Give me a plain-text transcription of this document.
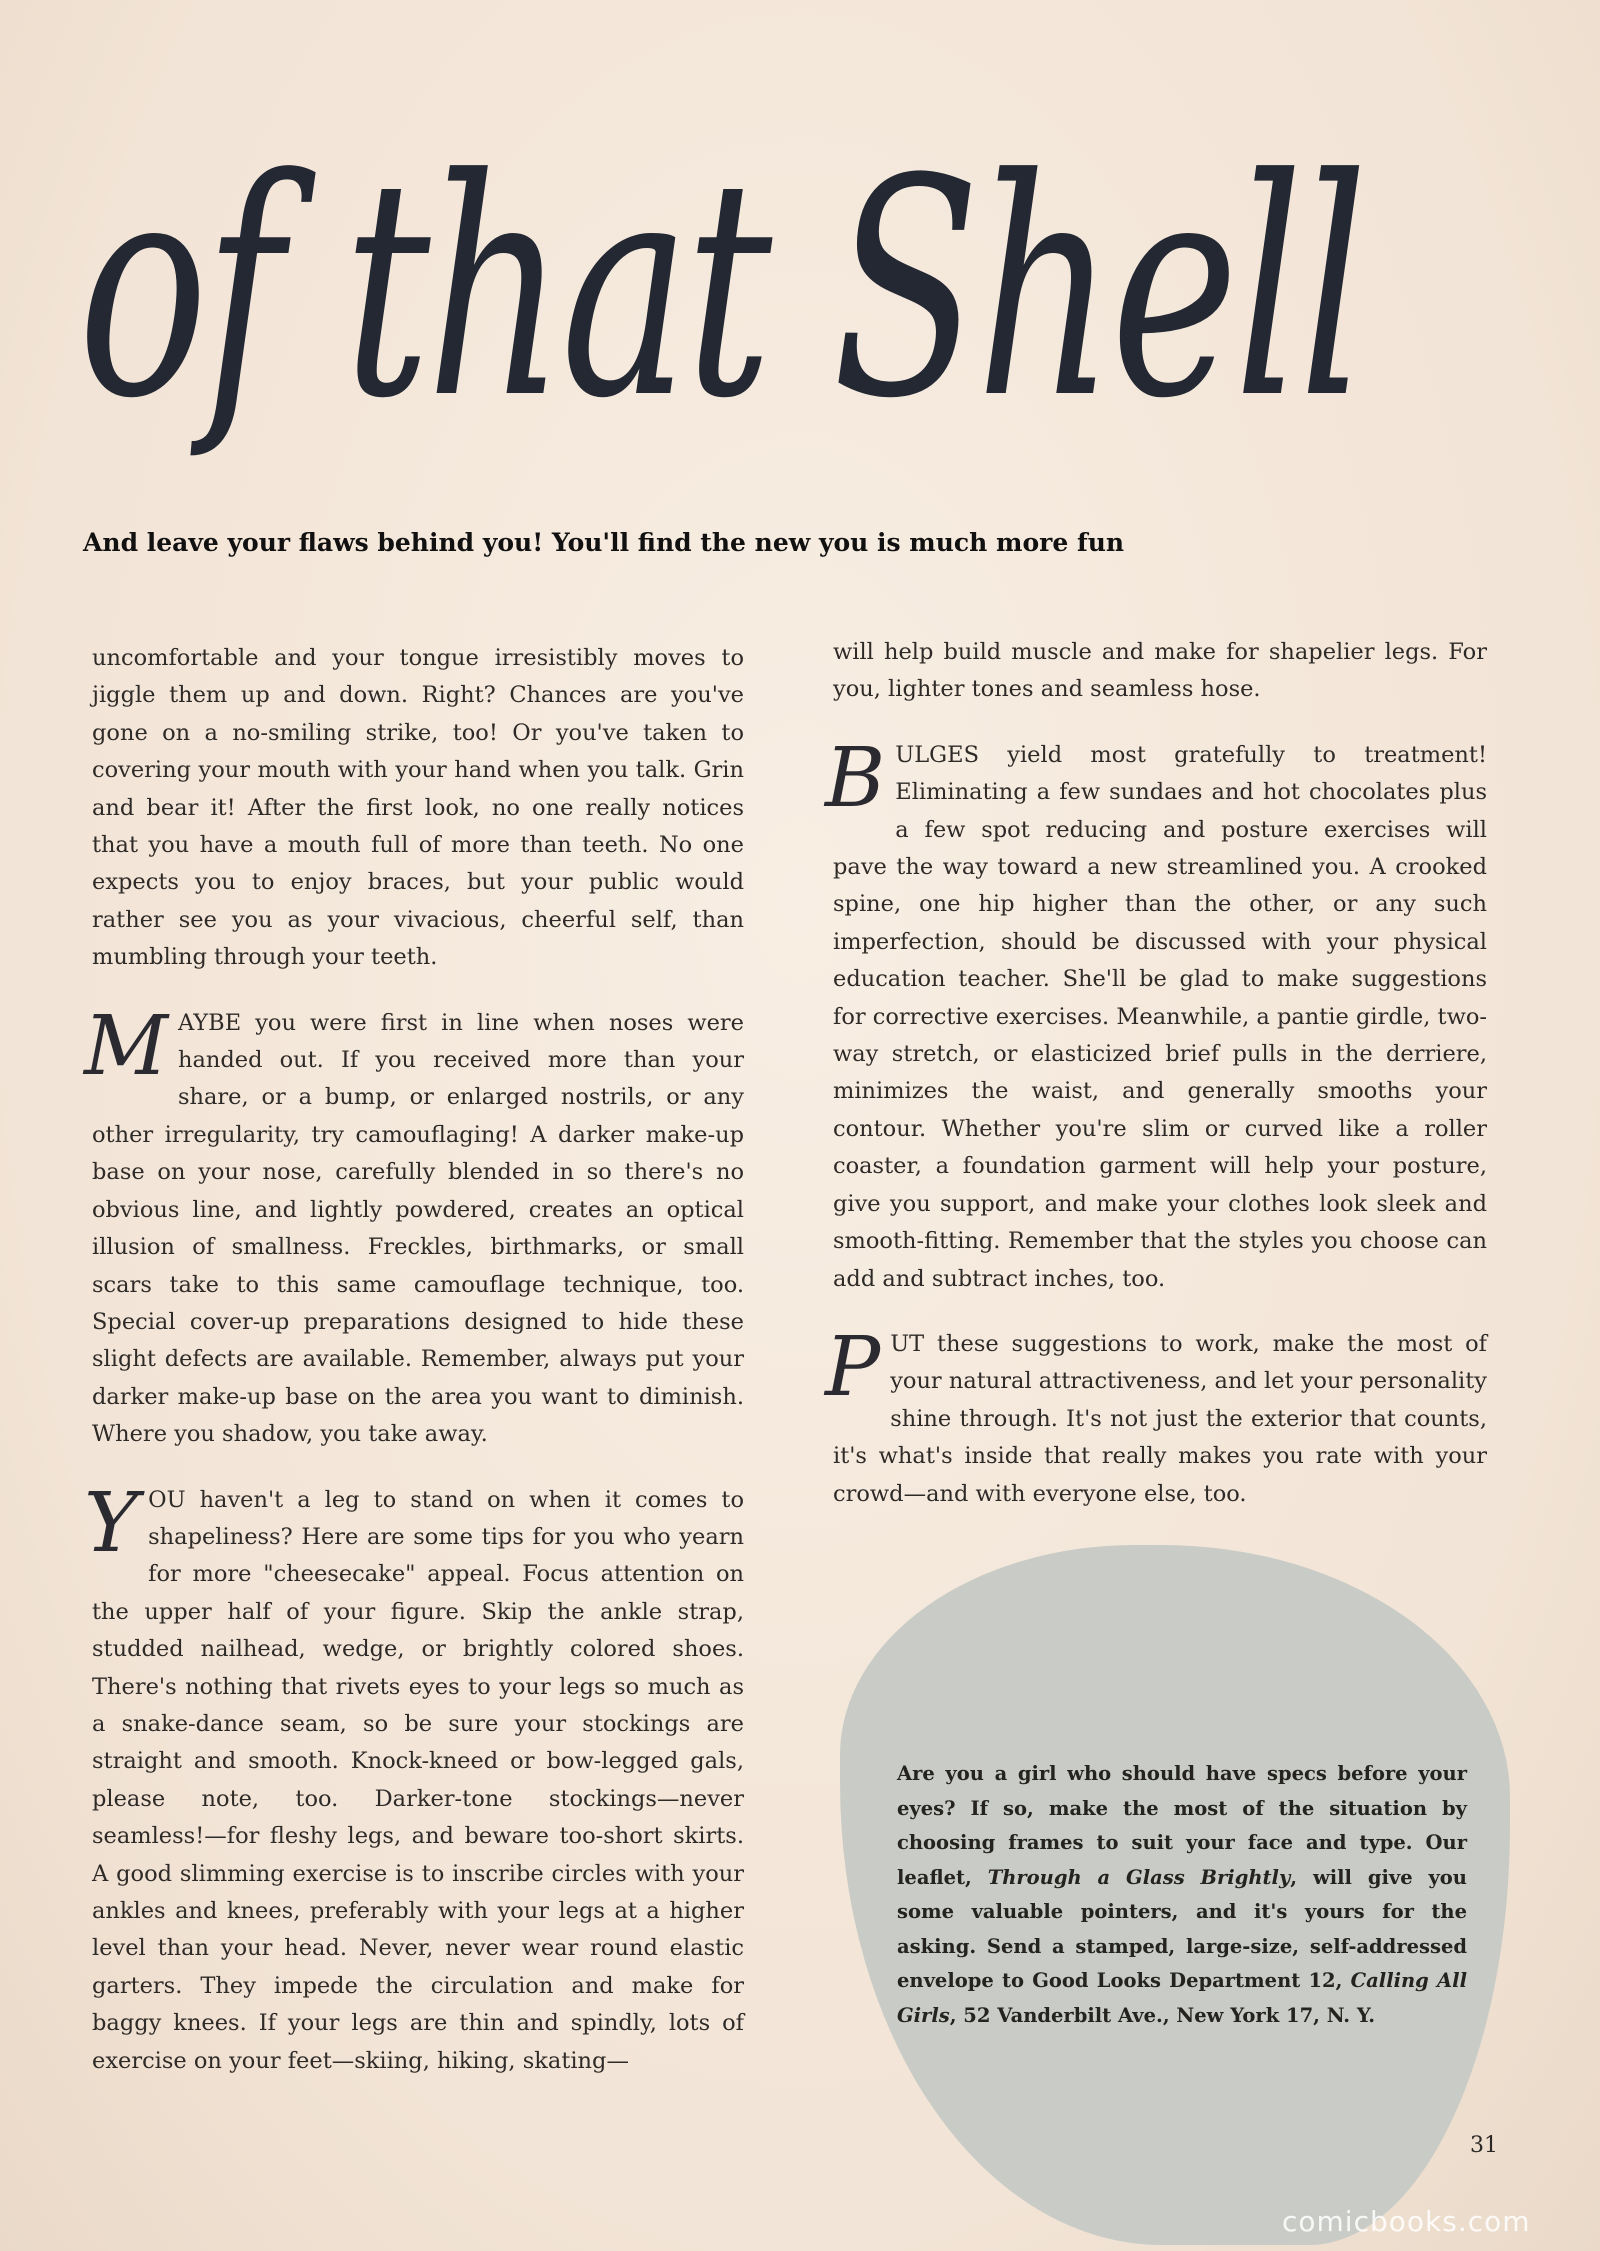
of that Shell
And leave your flaws behind you! You'll find the new you is much more fun

uncomfortable and your tongue irresistibly moves to jiggle them up and down. Right? Chances are you've gone on a no-smiling strike, too! Or you've taken to covering your mouth with your hand when you talk. Grin and bear it! After the first look, no one really notices that you have a mouth full of more than teeth. No one expects you to enjoy braces, but your public would rather see you as your vivacious, cheerful self, than mumbling through your teeth.

M AYBE you were first in line when noses were handed out. If you received more than your share, or a bump, or enlarged nostrils, or any other irregularity, try camouflaging! A darker make-up base on your nose, carefully blended in so there's no obvious line, and lightly powdered, creates an optical illusion of smallness. Freckles, birthmarks, or small scars take to this same camouflage technique, too. Special cover-up preparations designed to hide these slight defects are available. Remember, always put your darker make-up base on the area you want to diminish. Where you shadow, you take away.

Y OU haven't a leg to stand on when it comes to shapeliness? Here are some tips for you who yearn for more "cheesecake" appeal. Focus attention on the upper half of your figure. Skip the ankle strap, studded nailhead, wedge, or brightly colored shoes. There's nothing that rivets eyes to your legs so much as a snake-dance seam, so be sure your stockings are straight and smooth. Knock-kneed or bow-legged gals, please note, too. Darker-tone stockings—never seamless!—for fleshy legs, and beware too-short skirts. A good slimming exercise is to inscribe circles with your ankles and knees, preferably with your legs at a higher level than your head. Never, never wear round elastic garters. They impede the circulation and make for baggy knees. If your legs are thin and spindly, lots of exercise on your feet—skiing, hiking, skating—

will help build muscle and make for shapelier legs. For you, lighter tones and seamless hose.

B ULGES yield most gratefully to treatment! Eliminating a few sundaes and hot chocolates plus a few spot reducing and posture exercises will pave the way toward a new streamlined you. A crooked spine, one hip higher than the other, or any such imperfection, should be discussed with your physical education teacher. She'll be glad to make suggestions for corrective exercises. Meanwhile, a pantie girdle, two-way stretch, or elasticized brief pulls in the derriere, minimizes the waist, and generally smooths your contour. Whether you're slim or curved like a roller coaster, a foundation garment will help your posture, give you support, and make your clothes look sleek and smooth-fitting. Remember that the styles you choose can add and subtract inches, too.

P UT these suggestions to work, make the most of your natural attractiveness, and let your personality shine through. It's not just the exterior that counts, it's what's inside that really makes you rate with your crowd—and with everyone else, too.

Are you a girl who should have specs before your eyes? If so, make the most of the situation by choosing frames to suit your face and type. Our leaflet, Through a Glass Brightly, will give you some valuable pointers, and it's yours for the asking. Send a stamped, large-size, self-addressed envelope to Good Looks Department 12, Calling All Girls, 52 Vanderbilt Ave., New York 17, N. Y.
31
comicbooks.com
